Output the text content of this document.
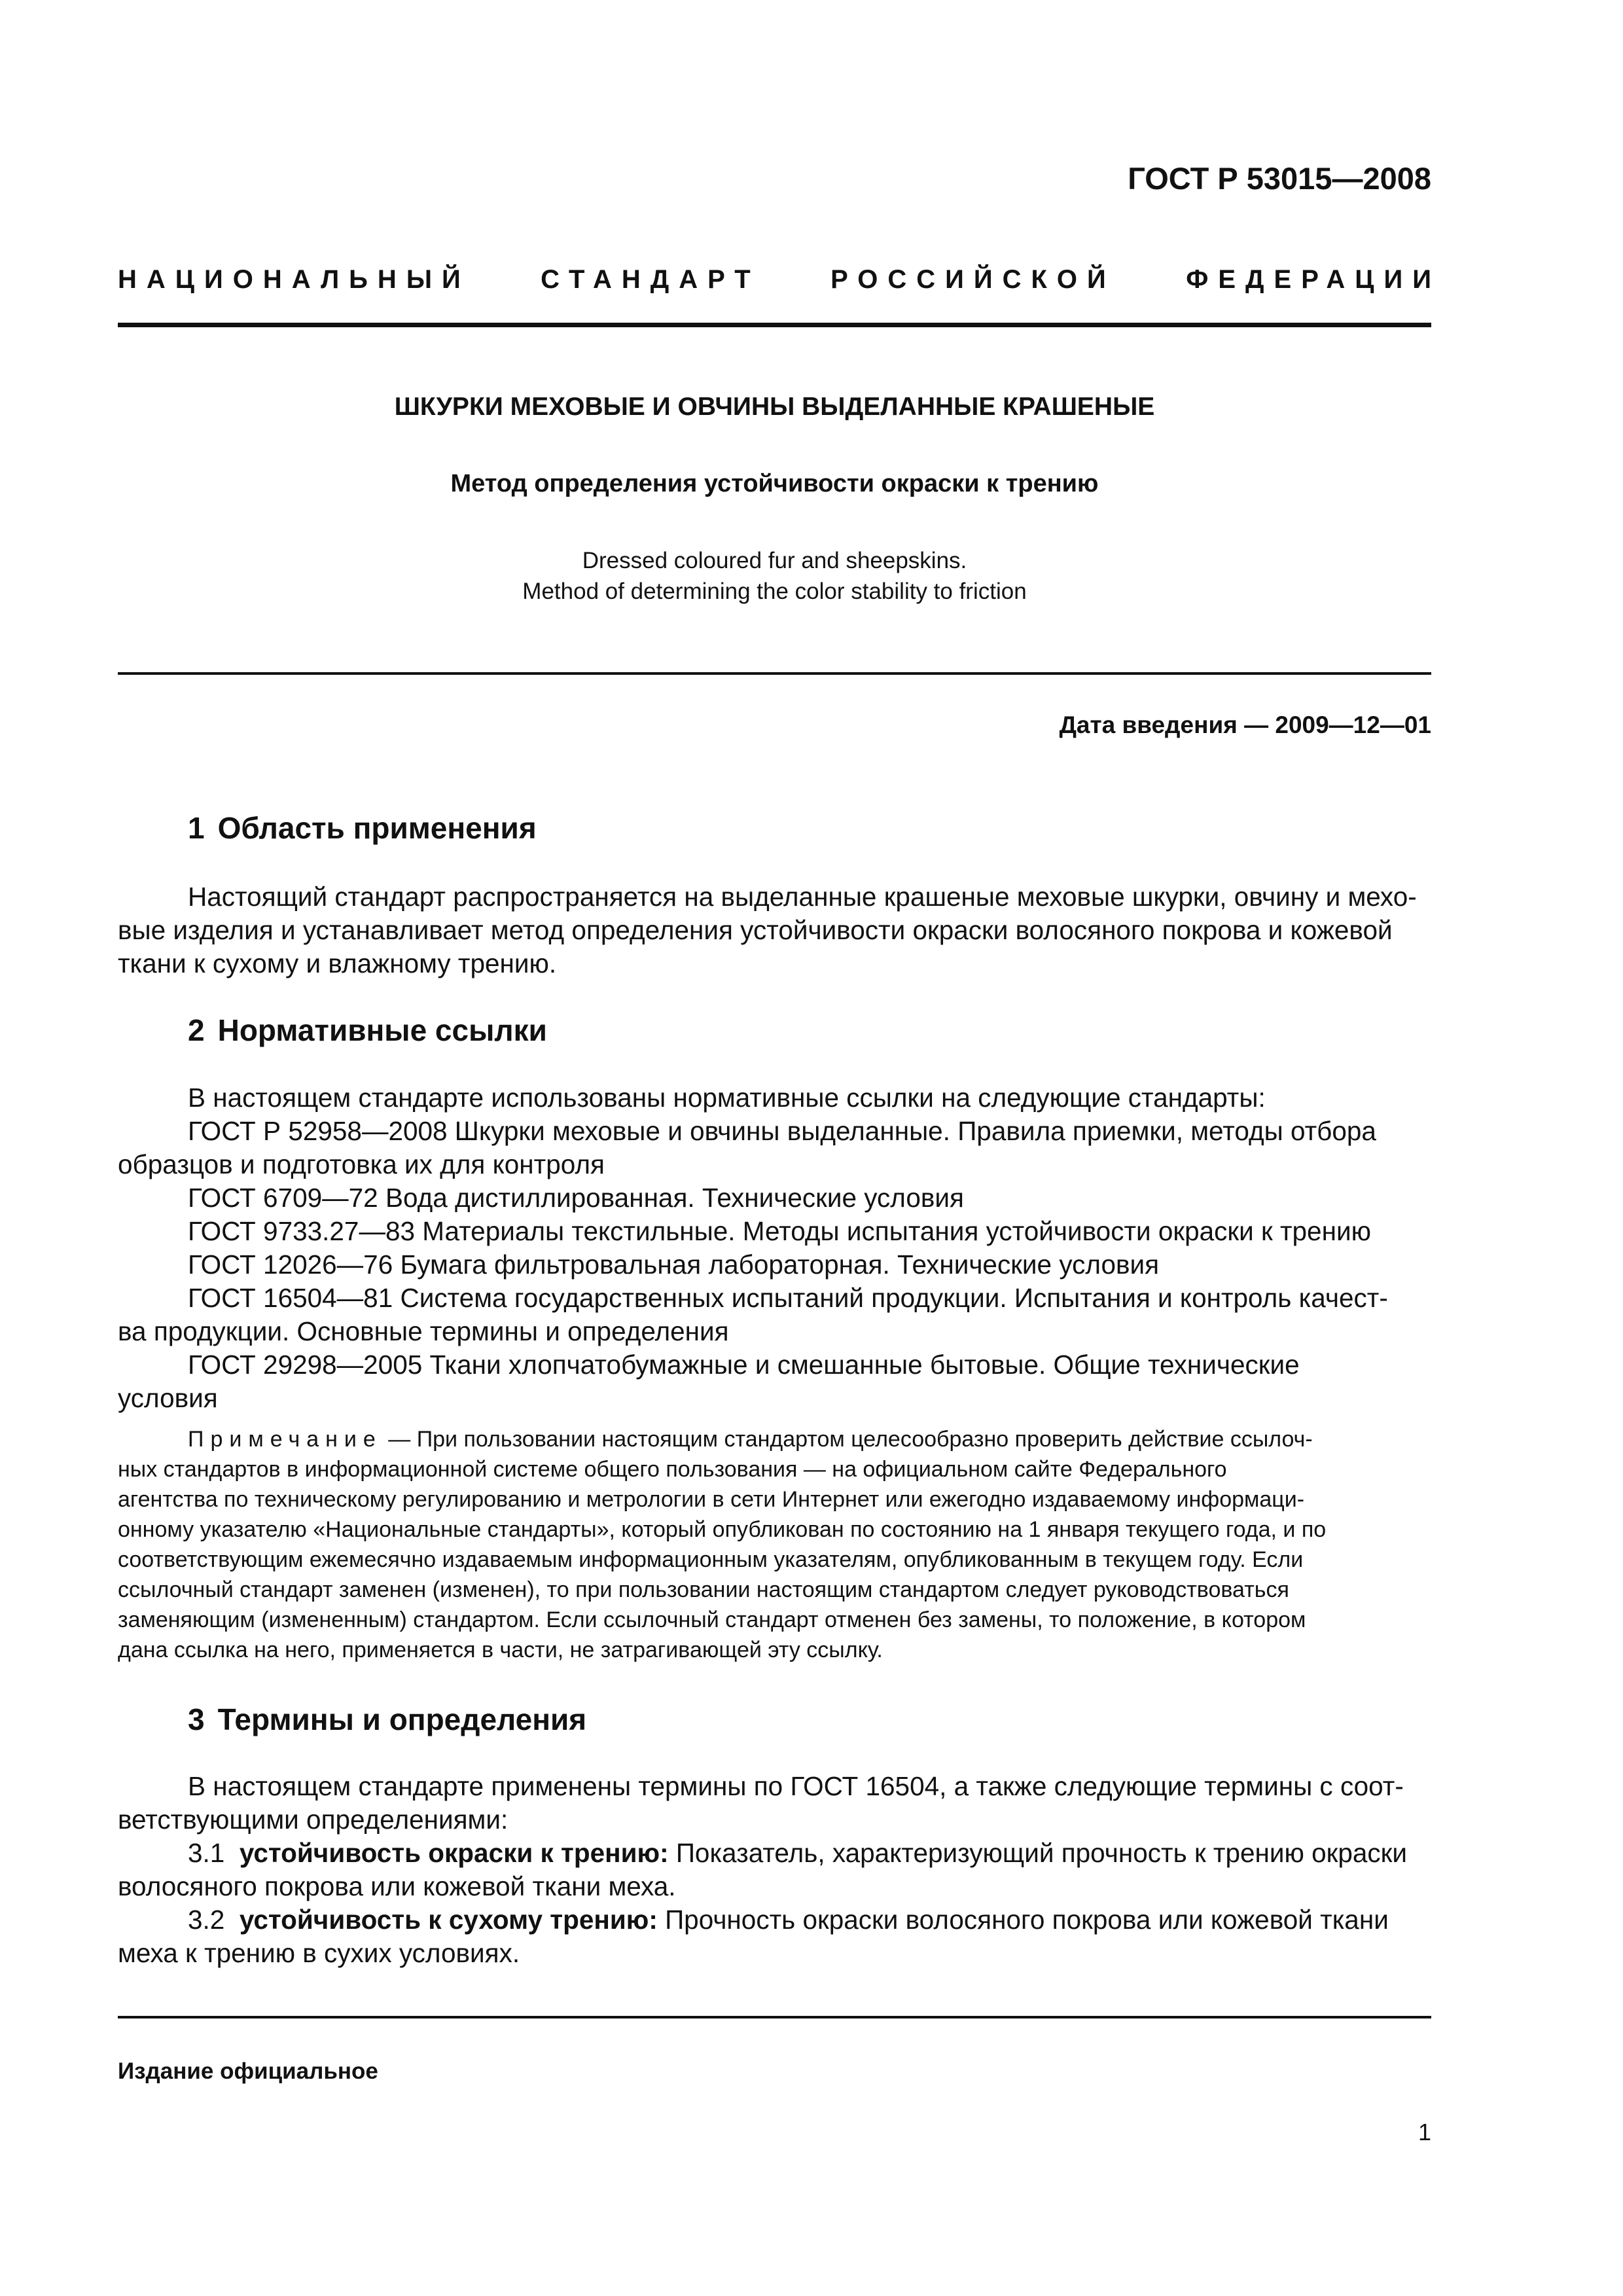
ГОСТ Р 53015—2008
НАЦИОНАЛЬНЫЙ	СТАНДАРТ	РОССИЙСКОЙ	ФЕДЕРАЦИИ
ШКУРКИ МЕХОВЫЕ И ОВЧИНЫ ВЫДЕЛАННЫЕ КРАШЕНЫЕ
Метод определения устойчивости окраски к трению
Dressed coloured fur and sheepskins.
Method of determining the color stability to friction
Дата введения — 2009—12—01
1 Область применения
Настоящий стандарт распространяется на выделанные крашеные меховые шкурки, овчину и мехо-
вые изделия и устанавливает метод определения устойчивости окраски волосяного покрова и кожевой
ткани к сухому и влажному трению.
2 Нормативные ссылки
В настоящем стандарте использованы нормативные ссылки на следующие стандарты:
ГОСТ Р 52958—2008 Шкурки меховые и овчины выделанные. Правила приемки, методы отбора
образцов и подготовка их для контроля
ГОСТ 6709—72 Вода дистиллированная. Технические условия
ГОСТ 9733.27—83 Материалы текстильные. Методы испытания устойчивости окраски к трению
ГОСТ 12026—76 Бумага фильтровальная лабораторная. Технические условия
ГОСТ 16504—81 Система государственных испытаний продукции. Испытания и контроль качест-
ва продукции. Основные термины и определения
ГОСТ 29298—2005 Ткани хлопчатобумажные и смешанные бытовые. Общие технические
условия
Примечание — При пользовании настоящим стандартом целесообразно проверить действие ссылоч-
ных стандартов в информационной системе общего пользования — на официальном сайте Федерального
агентства по техническому регулированию и метрологии в сети Интернет или ежегодно издаваемому информаци-
онному указателю «Национальные стандарты», который опубликован по состоянию на 1 января текущего года, и по
соответствующим ежемесячно издаваемым информационным указателям, опубликованным в текущем году. Если
ссылочный стандарт заменен (изменен), то при пользовании настоящим стандартом следует руководствоваться
заменяющим (измененным) стандартом. Если ссылочный стандарт отменен без замены, то положение, в котором
дана ссылка на него, применяется в части, не затрагивающей эту ссылку.
3 Термины и определения
В настоящем стандарте применены термины по ГОСТ 16504, а также следующие термины с соот-
ветствующими определениями:
3.1 устойчивость окраски к трению: Показатель, характеризующий прочность к трению окраски
волосяного покрова или кожевой ткани меха.
3.2 устойчивость к сухому трению: Прочность окраски волосяного покрова или кожевой ткани
меха к трению в сухих условиях.
Издание официальное
1
